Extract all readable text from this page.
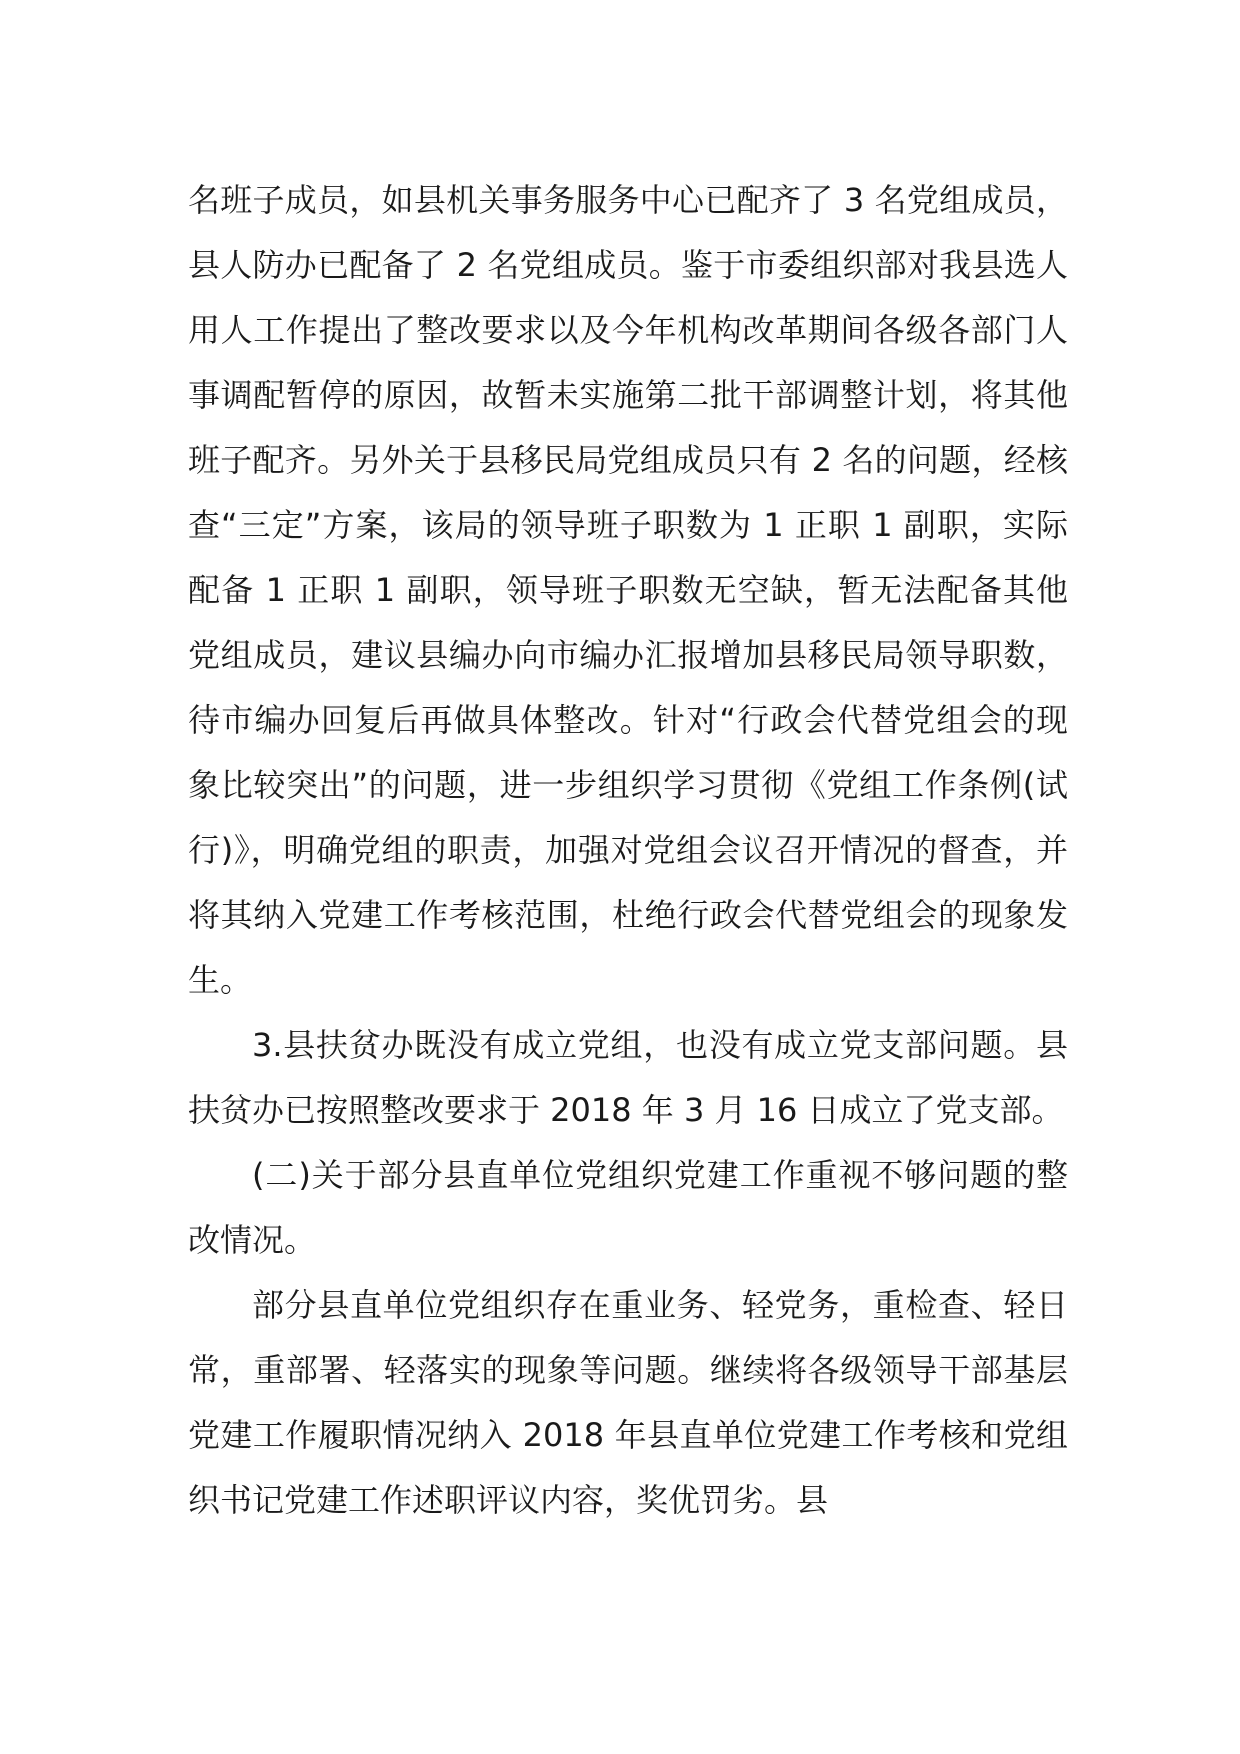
名班子成员，如县机关事务服务中心已配齐了 3 名党组成员，县人防办已配备了 2 名党组成员。鉴于市委组织部对我县选人用人工作提出了整改要求以及今年机构改革期间各级各部门人事调配暂停的原因，故暂未实施第二批干部调整计划，将其他班子配齐。另外关于县移民局党组成员只有 2 名的问题，经核查“三定”方案，该局的领导班子职数为 1 正职 1 副职，实际配备 1 正职 1 副职，领导班子职数无空缺，暂无法配备其他党组成员，建议县编办向市编办汇报增加县移民局领导职数，待市编办回复后再做具体整改。针对“行政会代替党组会的现象比较突出”的问题，进一步组织学习贯彻《党组工作条例(试行)》，明确党组的职责，加强对党组会议召开情况的督查，并将其纳入党建工作考核范围，杜绝行政会代替党组会的现象发生。

3.县扶贫办既没有成立党组，也没有成立党支部问题。县扶贫办已按照整改要求于 2018 年 3 月 16 日成立了党支部。

(二)关于部分县直单位党组织党建工作重视不够问题的整改情况。

部分县直单位党组织存在重业务、轻党务，重检查、轻日常，重部署、轻落实的现象等问题。继续将各级领导干部基层党建工作履职情况纳入 2018 年县直单位党建工作考核和党组织书记党建工作述职评议内容，奖优罚劣。县
